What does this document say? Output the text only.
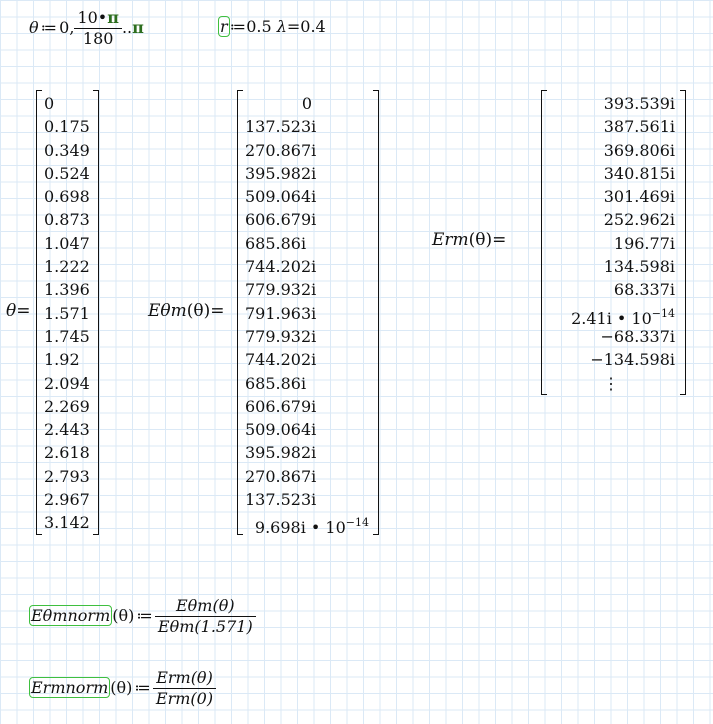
θ ≔ 0, $\frac{10•\pi}{180} ..\pi$	r ≔0.5 λ=0.4
θ=
0
0.175
0.349
0.524
0.698
0.873
1.047
1.222
1.396
1.571
1.745
1.92
2.094
2.269
2.443
2.618
2.793
2.967
3.142
Eθm(θ)=
0
137.523i
270.867i
395.982i
509.064i
606.679i
685.86i
744.202i
779.932i
791.963i
779.932i
744.202i
685.86i
606.679i
509.064i
395.982i
270.867i
137.523i
9.698i • $10^{-14}$
Erm(θ)=
393.539i
387.561i
369.806i
340.815i
301.469i
252.962i
196.77i
134.598i
68.337i
2.41i • $10^{-14}$
−68.337i
−134.598i
⋮
Eθmnorm (θ) ≔ $\frac{\text{Eθm(θ)}}{\text{Eθm(1.571)}}$
Ermnorm (θ) ≔ $\frac{\text{Erm(θ)}}{\text{Erm(0)}}$
